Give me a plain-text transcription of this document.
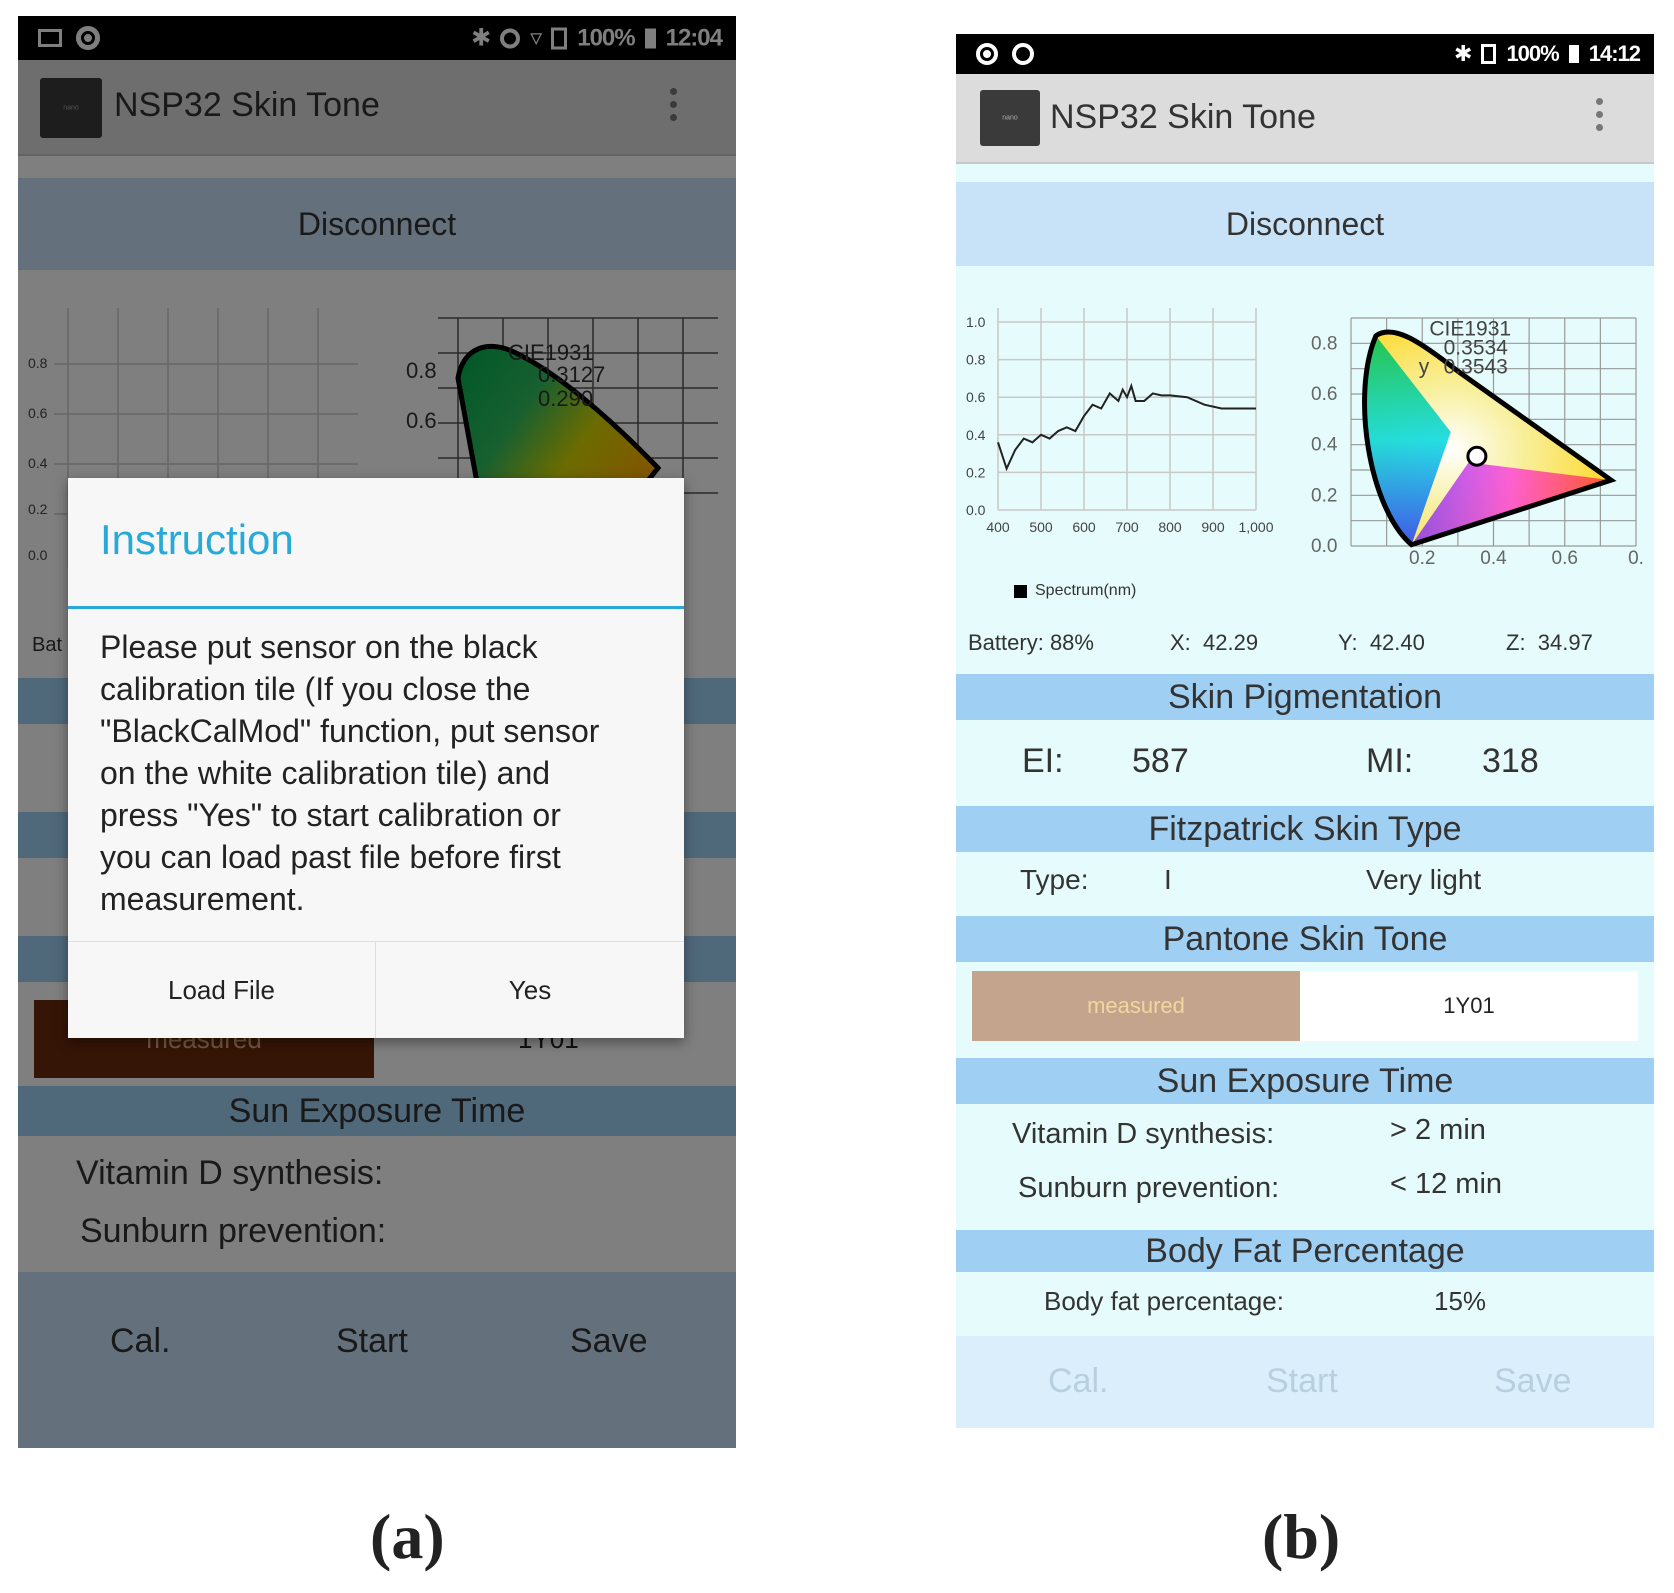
Instruction
Please put sensor on the black calibration tile (If you close the "BlackCalMod" function, put sensor on the white calibration tile) and press "Yes" to start calibration or you can load past file before first measurement.
Load File	Yes
(a)
✱ 100% 14:12
nano NSP32 Skin Tone
Disconnect
400 500 600 700 800 900 1,000
0.0
0.2
0.4
0.6
0.8
1.0
Spectrum(nm)
0.2 0.4 0.6	0.
0.0
0.2
0.4
0.6
0.8
CIE1931
0.3534
y 0.3543
Battery: 88%	X: 42.29	Y: 42.40	Z: 34.97
Skin Pigmentation
EI: 587	MI: 318
Fitzpatrick Skin Type
Type:	I	Very light
Pantone Skin Tone
measured	1Y01
Sun Exposure Time
Vitamin D synthesis:	> 2 min
Sunburn prevention:	< 12 min
Body Fat Percentage
Body fat percentage:	15%
Cal.	Start	Save
(b)
